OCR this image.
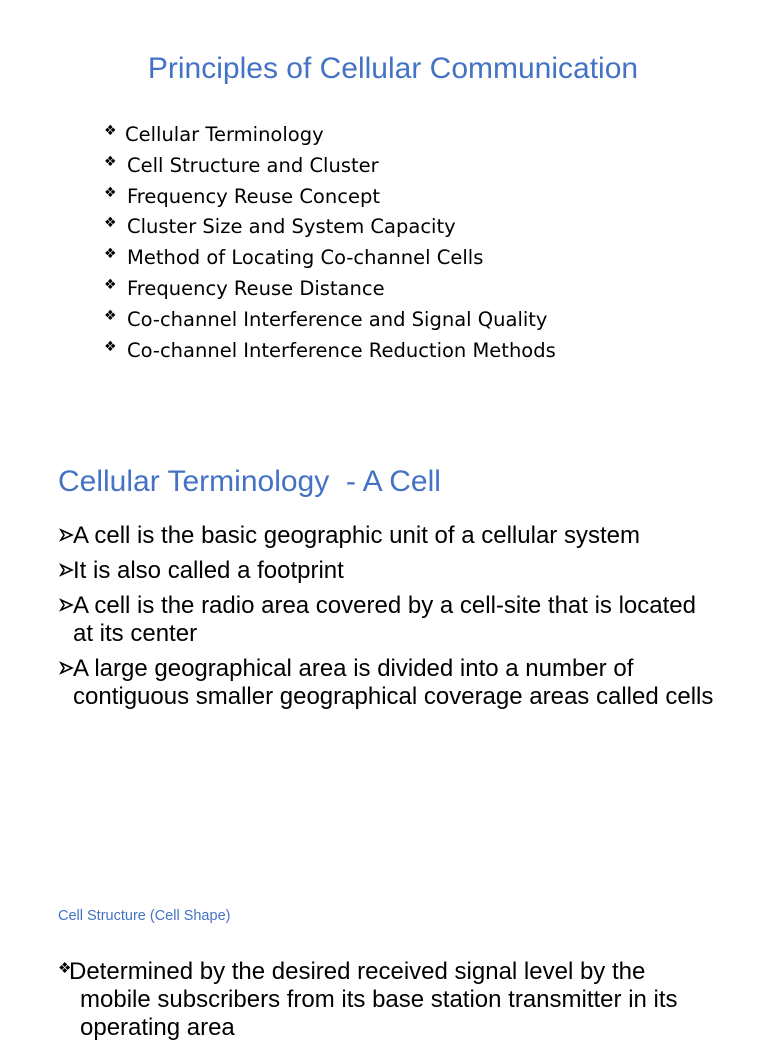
Principles of Cellular Communication
❖ Cellular Terminology
❖ Cell Structure and Cluster
❖ Frequency Reuse Concept
❖ Cluster Size and System Capacity
❖ Method of Locating Co-channel Cells
❖ Frequency Reuse Distance
❖ Co-channel Interference and Signal Quality
❖ Co-channel Interference Reduction Methods
Cellular Terminology  - A Cell
A cell is the basic geographic unit of a cellular system
It is also called a footprint
A cell is the radio area covered by a cell-site that is located at its center
A large geographical area is divided into a number of contiguous smaller geographical coverage areas called cells
Cell Structure (Cell Shape)
❖
Determined by the desired received signal level by the mobile subscribers from its base station transmitter in its operating area
